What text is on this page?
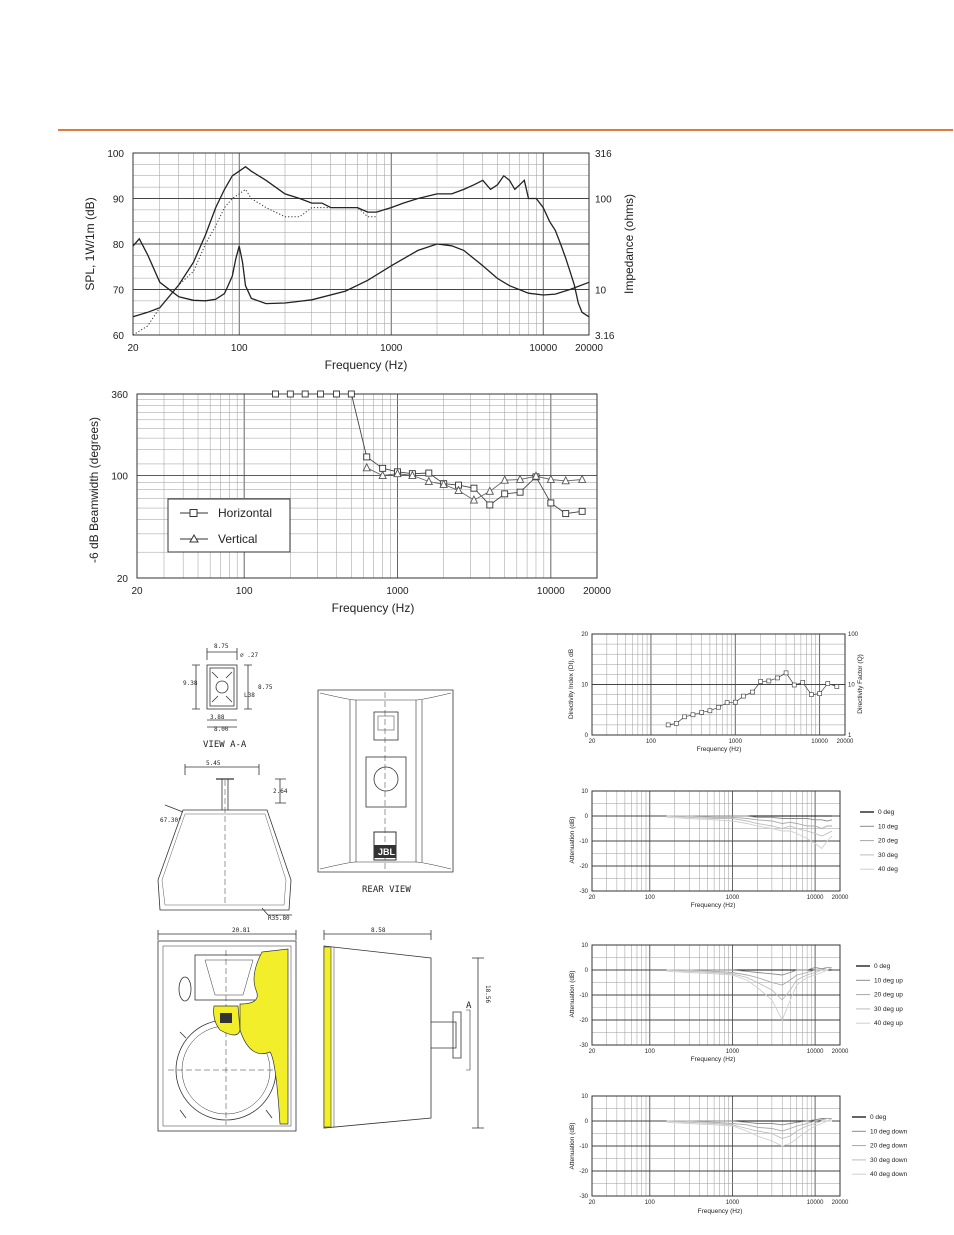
20	100	1000	10000 20000
60
70
80
90
100
3.16
10
100
316
Frequency (Hz)
SPL, 1W/1m (dB)	Impedance (ohms)
20	100	1000	10000 20000
20
100
360
Frequency (Hz)
-6 dB Beamwidth (degrees)	Horizontal
Vertical
20	100	1000	10000 20000
0
10
20
1
10
100
Frequency (Hz)
Directivity Index (DI), dB	Directivity Factor (Q)
20	100	1000	10000 20000
10
0
-10
-20
-30
0 deg
10 deg
20 deg
30 deg
40 deg
Frequency (Hz)
Attenuation (dB)
20	100	1000	10000 20000
10
0
-10
-20
-30
0 deg
10 deg up
20 deg up
30 deg up
40 deg up
Frequency (Hz)
Attenuation (dB)
20	100	1000	10000 20000
10
0
-10
-20
-30
0 deg
10 deg down
20 deg down
30 deg down
40 deg down
Frequency (Hz)
Attenuation (dB)
8.75
⌀ .27
9.38
8.75
L38
3.88
8.00
VIEW A-A
5.45
2.64
67.30°
R35.80
JBL
REAR VIEW
20.81	8.58
18.56
A
